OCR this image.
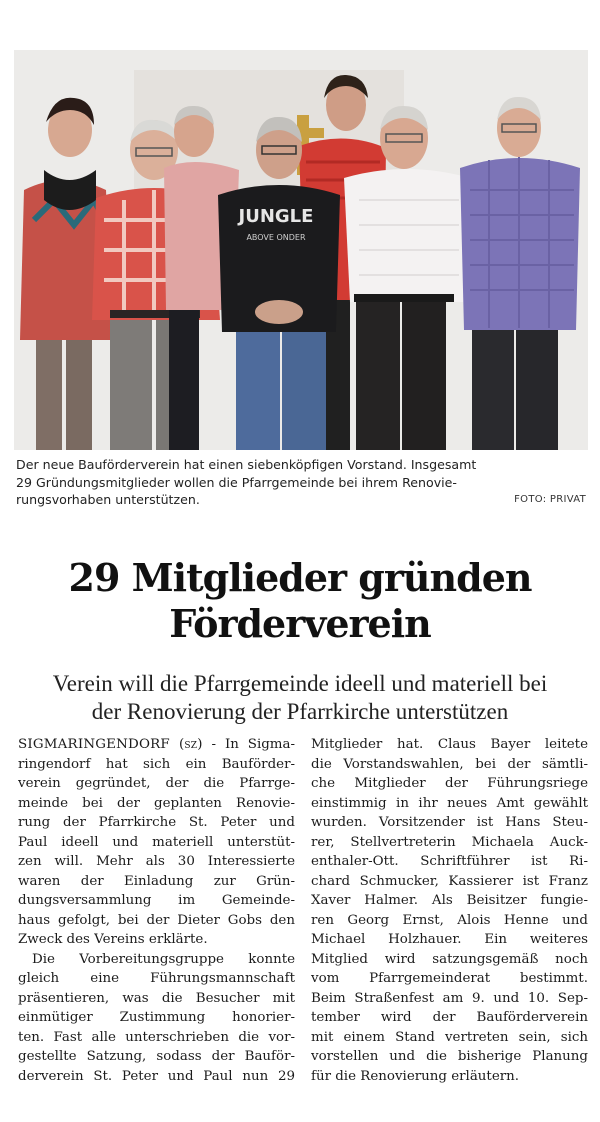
JUNGLE
ABOVE ONDER
Der neue Bauförderverein hat einen siebenköpfigen Vorstand. Insgesamt
29 Gründungsmitglieder wollen die Pfarrgemeinde bei ihrem Renovie-
rungsvorhaben unterstützen.	FOTO: PRIVAT
29 Mitglieder gründen
Förderverein
Verein will die Pfarrgemeinde ideell und materiell bei
der Renovierung der Pfarrkirche unterstützen
SIGMARINGENDORF (sz) - In Sigma-
ringendorf hat sich ein Bauförder-
verein gegründet, der die Pfarrge-
meinde bei der geplanten Renovie-
rung der Pfarrkirche St. Peter und
Paul ideell und materiell unterstüt-
zen will. Mehr als 30 Interessierte
waren der Einladung zur Grün-
dungsversammlung im Gemeinde-
haus gefolgt, bei der Dieter Gobs den
Zweck des Vereins erklärte.
Die Vorbereitungsgruppe konnte
gleich eine Führungsmannschaft
präsentieren, was die Besucher mit
einmütiger Zustimmung honorier-
ten. Fast alle unterschrieben die vor-
gestellte Satzung, sodass der Bauför-
derverein St. Peter und Paul nun 29
Mitglieder hat. Claus Bayer leitete
die Vorstandswahlen, bei der sämtli-
che Mitglieder der Führungsriege
einstimmig in ihr neues Amt gewählt
wurden. Vorsitzender ist Hans Steu-
rer, Stellvertreterin Michaela Auck-
enthaler-Ott. Schriftführer ist Ri-
chard Schmucker, Kassierer ist Franz
Xaver Halmer. Als Beisitzer fungie-
ren Georg Ernst, Alois Henne und
Michael Holzhauer. Ein weiteres
Mitglied wird satzungsgemäß noch
vom Pfarrgemeinderat bestimmt.
Beim Straßenfest am 9. und 10. Sep-
tember wird der Bauförderverein
mit einem Stand vertreten sein, sich
vorstellen und die bisherige Planung
für die Renovierung erläutern.
